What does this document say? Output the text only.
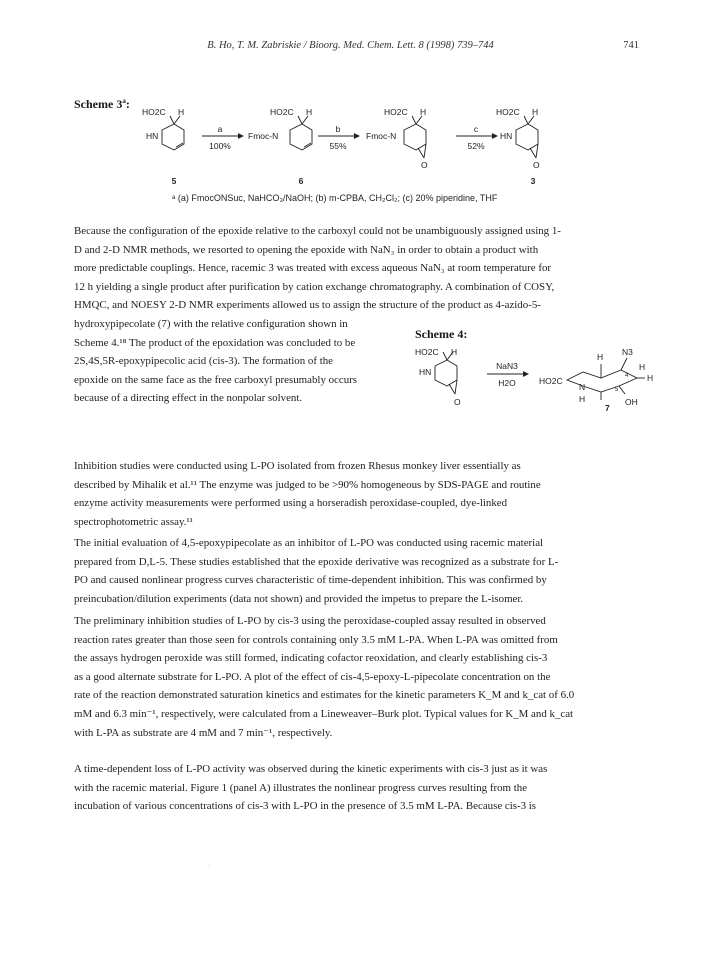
B. Ho, T. M. Zabriskie / Bioorg. Med. Chem. Lett. 8 (1998) 739–744	741
Scheme 3$^a$:
HO2C H
HN
5
a
100%
HO2C H
Fmoc-N
6
b
55%
HO2C H
Fmoc-N
O
c
52%
HO2C H
HN
O
3
ᵃ (a) FmocONSuc, NaHCO₃/NaOH; (b) m-CPBA, CH₂Cl₂; (c) 20% piperidine, THF

Because the configuration of the epoxide relative to the carboxyl could not be unambiguously assigned using 1-

D and 2-D NMR methods, we resorted to opening the epoxide with NaN₃ in order to obtain a product with

more predictable couplings. Hence, racemic 3 was treated with excess aqueous NaN₃ at room temperature for

12 h yielding a single product after purification by cation exchange chromatography. A combination of COSY,

HMQC, and NOESY 2-D NMR experiments allowed us to assign the structure of the product as 4-azido-5-

hydroxypipecolate (7) with the relative configuration shown in

Scheme 4.¹⁸ The product of the epoxidation was concluded to be

2S,4S,5R-epoxypipecolic acid (cis-3). The formation of the

epoxide on the same face as the free carboxyl presumably occurs

because of a directing effect in the nonpolar solvent.

Scheme 4:
HO2C H
HN
O
NaN3
H2O
H N3
HO2C
N
H
H
H
4
5
OH
7

Inhibition studies were conducted using L-PO isolated from frozen Rhesus monkey liver essentially as

described by Mihalik et al.¹¹ The enzyme was judged to be >90% homogeneous by SDS-PAGE and routine

enzyme activity measurements were performed using a horseradish peroxidase-coupled, dye-linked

spectrophotometric assay.¹¹

The initial evaluation of 4,5-epoxypipecolate as an inhibitor of L-PO was conducted using racemic material

prepared from D,L-5. These studies established that the epoxide derivative was recognized as a substrate for L-

PO and caused nonlinear progress curves characteristic of time-dependent inhibition. This was confirmed by

preincubation/dilution experiments (data not shown) and provided the impetus to prepare the L-isomer.

The preliminary inhibition studies of L-PO by cis-3 using the peroxidase-coupled assay resulted in observed

reaction rates greater than those seen for controls containing only 3.5 mM L-PA. When L-PA was omitted from

the assays hydrogen peroxide was still formed, indicating cofactor reoxidation, and clearly establishing cis-3

as a good alternate substrate for L-PO. A plot of the effect of cis-4,5-epoxy-L-pipecolate concentration on the

rate of the reaction demonstrated saturation kinetics and estimates for the kinetic parameters K_M and k_cat of 6.0

mM and 6.3 min⁻¹, respectively, were calculated from a Lineweaver–Burk plot. Typical values for K_M and k_cat

with L-PA as substrate are 4 mM and 7 min⁻¹, respectively.

A time-dependent loss of L-PO activity was observed during the kinetic experiments with cis-3 just as it was

with the racemic material. Figure 1 (panel A) illustrates the nonlinear progress curves resulting from the

incubation of various concentrations of cis-3 with L-PO in the presence of 3.5 mM L-PA. Because cis-3 is

·
